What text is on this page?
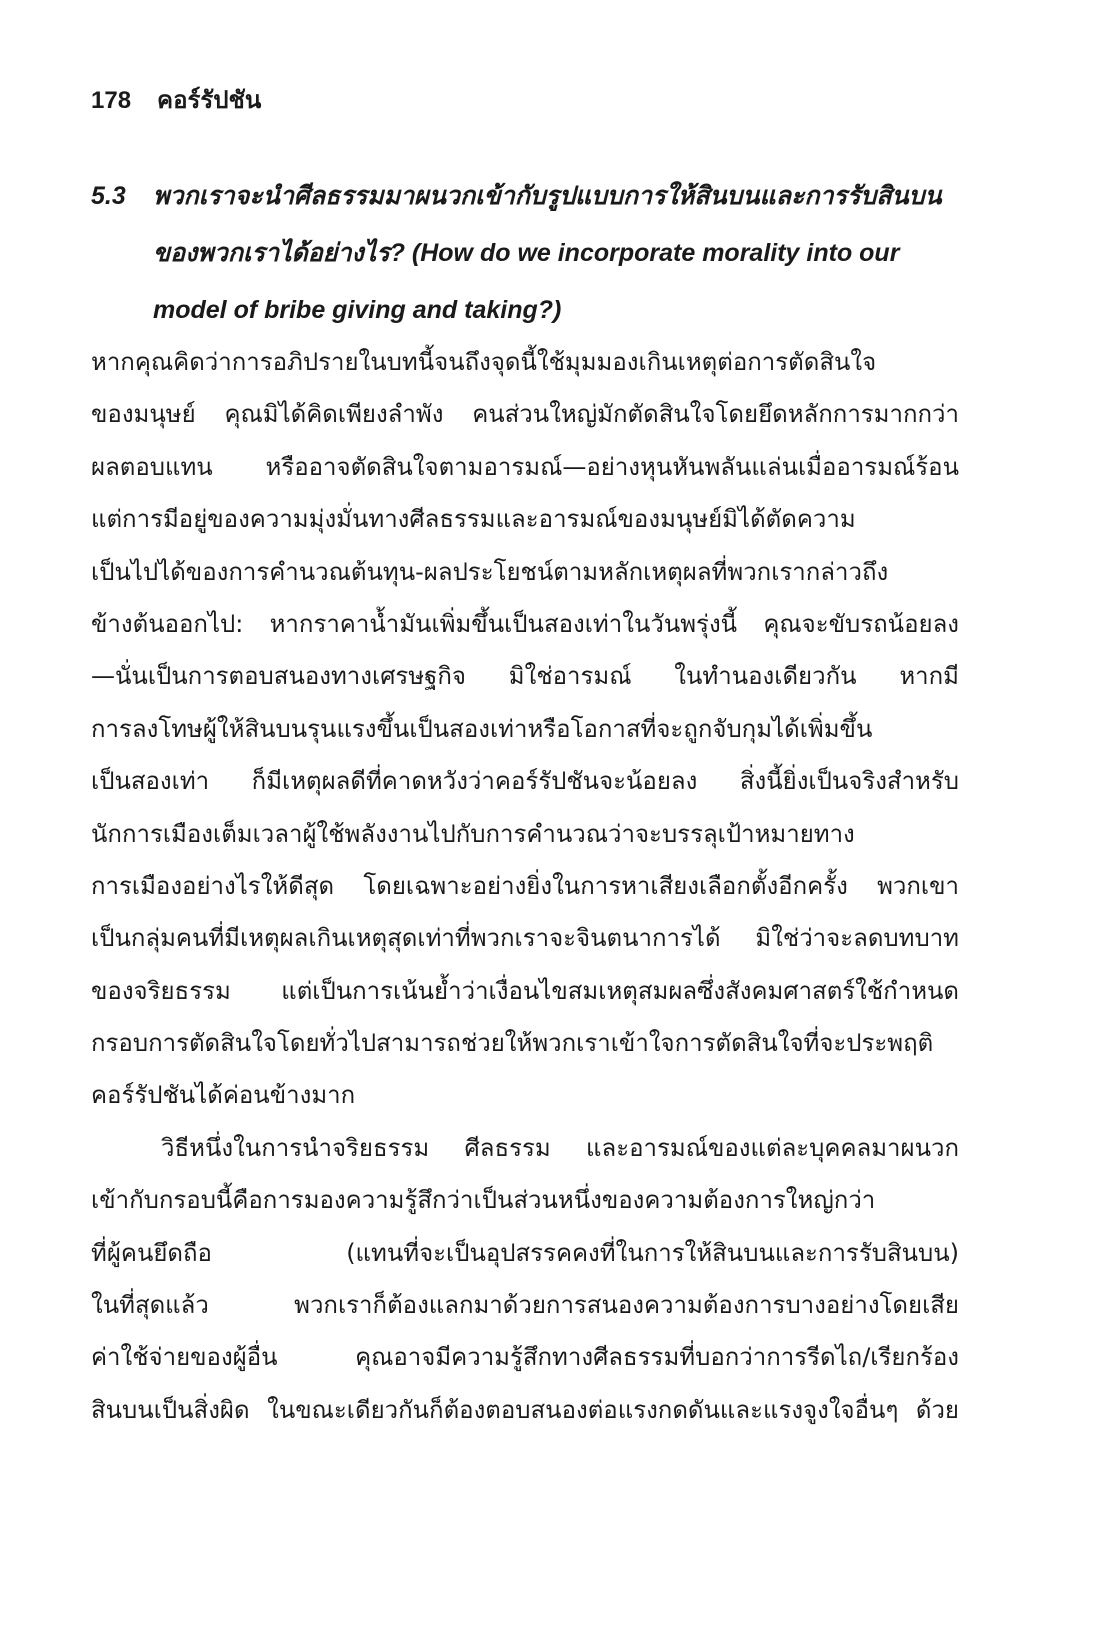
178 คอร์รัปชัน
5.3	พวกเราจะนำศีลธรรมมาผนวกเข้ากับรูปแบบการให้สินบนและการรับสินบน
ของพวกเราได้อย่างไร? (How do we incorporate morality into our
model of bribe giving and taking?)
หากคุณคิดว่าการอภิปรายในบทนี้จนถึงจุดนี้ใช้มุมมองเกินเหตุต่อการตัดสินใจ
ของมนุษย์ คุณมิได้คิดเพียงลำพัง คนส่วนใหญ่มักตัดสินใจโดยยึดหลักการมากกว่า
ผลตอบแทน หรืออาจตัดสินใจตามอารมณ์—อย่างหุนหันพลันแล่นเมื่ออารมณ์ร้อน
แต่การมีอยู่ของความมุ่งมั่นทางศีลธรรมและอารมณ์ของมนุษย์มิได้ตัดความ
เป็นไปได้ของการคำนวณต้นทุน-ผลประโยชน์ตามหลักเหตุผลที่พวกเรากล่าวถึง
ข้างต้นออกไป: หากราคาน้ำมันเพิ่มขึ้นเป็นสองเท่าในวันพรุ่งนี้ คุณจะขับรถน้อยลง
—นั่นเป็นการตอบสนองทางเศรษฐกิจ มิใช่อารมณ์ ในทำนองเดียวกัน หากมี
การลงโทษผู้ให้สินบนรุนแรงขึ้นเป็นสองเท่าหรือโอกาสที่จะถูกจับกุมได้เพิ่มขึ้น
เป็นสองเท่า ก็มีเหตุผลดีที่คาดหวังว่าคอร์รัปชันจะน้อยลง สิ่งนี้ยิ่งเป็นจริงสำหรับ
นักการเมืองเต็มเวลาผู้ใช้พลังงานไปกับการคำนวณว่าจะบรรลุเป้าหมายทาง
การเมืองอย่างไรให้ดีสุด โดยเฉพาะอย่างยิ่งในการหาเสียงเลือกตั้งอีกครั้ง พวกเขา
เป็นกลุ่มคนที่มีเหตุผลเกินเหตุสุดเท่าที่พวกเราจะจินตนาการได้ มิใช่ว่าจะลดบทบาท
ของจริยธรรม แต่เป็นการเน้นย้ำว่าเงื่อนไขสมเหตุสมผลซึ่งสังคมศาสตร์ใช้กำหนด
กรอบการตัดสินใจโดยทั่วไปสามารถช่วยให้พวกเราเข้าใจการตัดสินใจที่จะประพฤติ
คอร์รัปชันได้ค่อนข้างมาก
วิธีหนึ่งในการนำจริยธรรม ศีลธรรม และอารมณ์ของแต่ละบุคคลมาผนวก
เข้ากับกรอบนี้คือการมองความรู้สึกว่าเป็นส่วนหนึ่งของความต้องการใหญ่กว่า
ที่ผู้คนยึดถือ (แทนที่จะเป็นอุปสรรคคงที่ในการให้สินบนและการรับสินบน)
ในที่สุดแล้ว พวกเราก็ต้องแลกมาด้วยการสนองความต้องการบางอย่างโดยเสีย
ค่าใช้จ่ายของผู้อื่น คุณอาจมีความรู้สึกทางศีลธรรมที่บอกว่าการรีดไถ/เรียกร้อง
สินบนเป็นสิ่งผิด ในขณะเดียวกันก็ต้องตอบสนองต่อแรงกดดันและแรงจูงใจอื่นๆ ด้วย
